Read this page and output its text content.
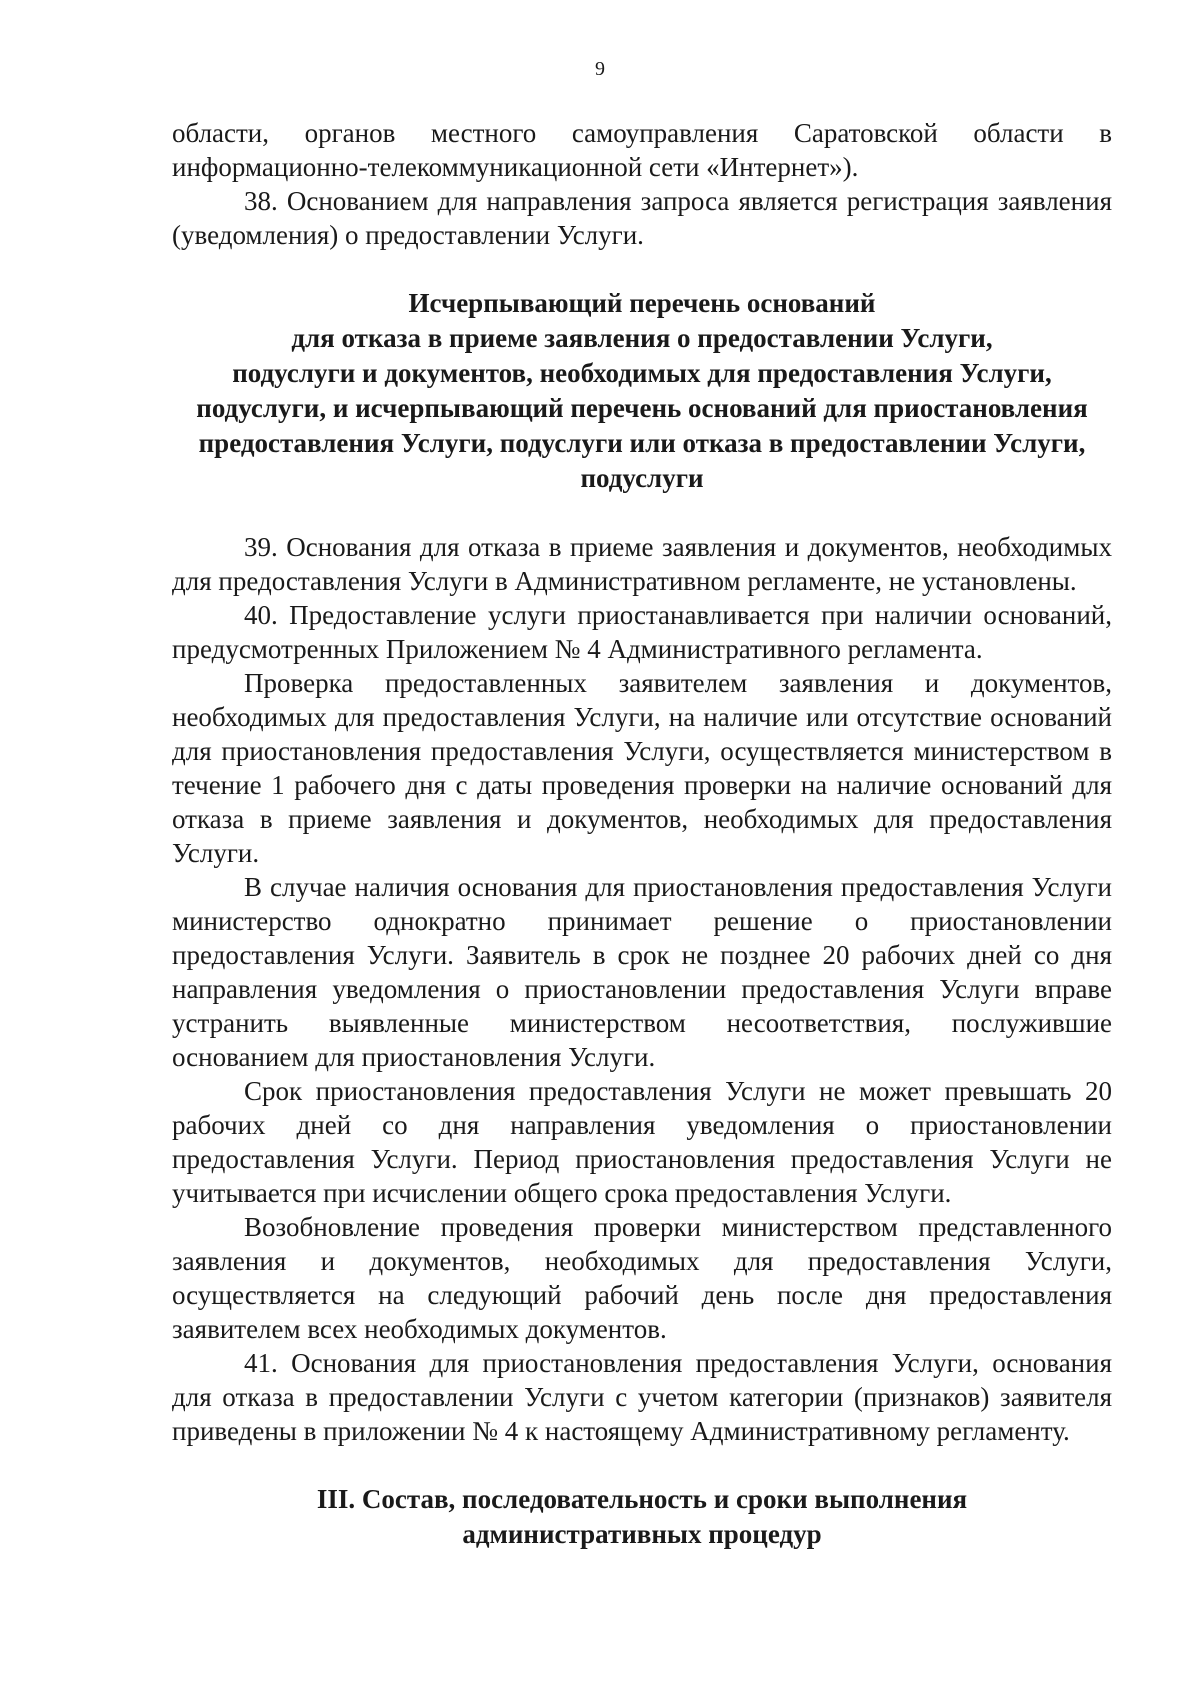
9

области, органов местного самоуправления Саратовской области в информационно-телекоммуникационной сети «Интернет»).

38. Основанием для направления запроса является регистрация заявления (уведомления) о предоставлении Услуги.

Исчерпывающий перечень оснований
для отказа в приеме заявления о предоставлении Услуги,
подуслуги и документов, необходимых для предоставления Услуги,
подуслуги, и исчерпывающий перечень оснований для приостановления
предоставления Услуги, подуслуги или отказа в предоставлении Услуги,
подуслуги

39. Основания для отказа в приеме заявления и документов, необходимых для предоставления Услуги в Административном регламенте, не установлены.

40. Предоставление услуги приостанавливается при наличии оснований, предусмотренных Приложением № 4 Административного регламента.

Проверка предоставленных заявителем заявления и документов, необходимых для предоставления Услуги, на наличие или отсутствие оснований для приостановления предоставления Услуги, осуществляется министерством в течение 1 рабочего дня с даты проведения проверки на наличие оснований для отказа в приеме заявления и документов, необходимых для предоставления Услуги.

В случае наличия основания для приостановления предоставления Услуги министерство однократно принимает решение о приостановлении предоставления Услуги. Заявитель в срок не позднее 20 рабочих дней со дня направления уведомления о приостановлении предоставления Услуги вправе устранить выявленные министерством несоответствия, послужившие основанием для приостановления Услуги.

Срок приостановления предоставления Услуги не может превышать 20 рабочих дней со дня направления уведомления о приостановлении предоставления Услуги. Период приостановления предоставления Услуги не учитывается при исчислении общего срока предоставления Услуги.

Возобновление проведения проверки министерством представленного заявления и документов, необходимых для предоставления Услуги, осуществляется на следующий рабочий день после дня предоставления заявителем всех необходимых документов.

41. Основания для приостановления предоставления Услуги, основания для отказа в предоставлении Услуги с учетом категории (признаков) заявителя приведены в приложении № 4 к настоящему Административному регламенту.

III. Состав, последовательность и сроки выполнения
административных процедур
